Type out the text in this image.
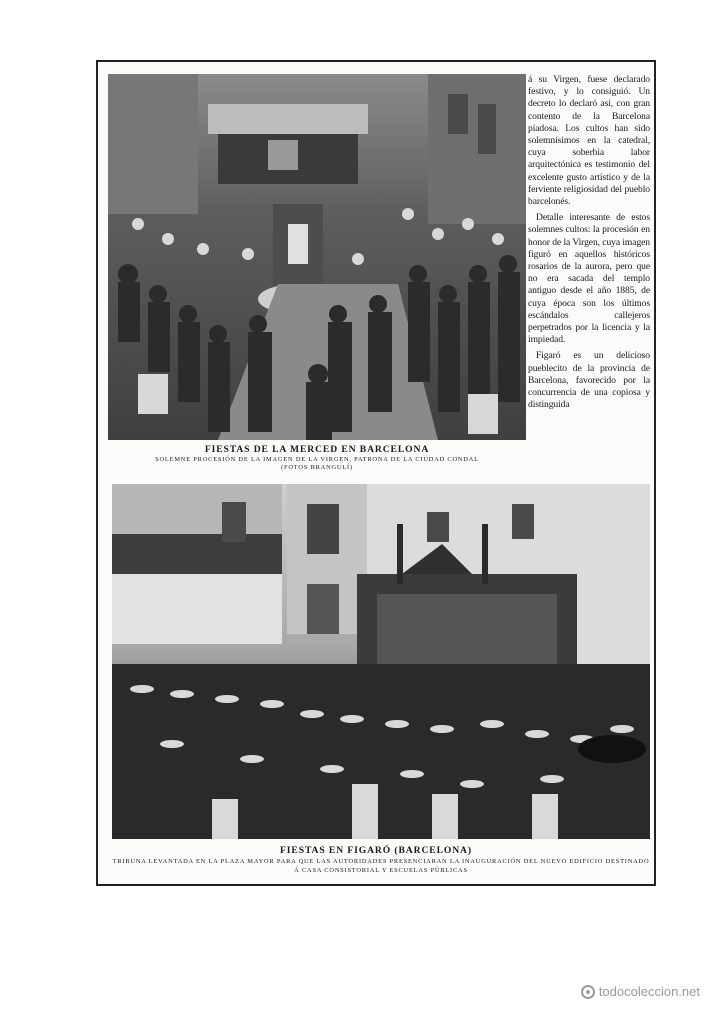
FIESTAS DE LA MERCED EN BARCELONA
SOLEMNE PROCESIÓN DE LA IMAGEN DE LA VIRGEN, PATRONA DE LA CIUDAD CONDAL
(FOTOS BRANGULÍ)

á su Virgen, fuese declarado festivo, y lo consiguió. Un decreto lo declaró así, con gran contento de la Barcelona piadosa. Los cultos han sido solemnísimos en la catedral, cuya soberbia labor arquitectónica es testimonio del excelente gusto artístico y de la ferviente religiosidad del pueblo barcelonés.

Detalle interesante de estos solemnes cultos: la procesión en honor de la Virgen, cuya imagen figuró en aquellos históricos rosarios de la aurora, pero que no era sacada del templo antiguo desde el año 1885, de cuya época son los últimos escándalos callejeros perpetrados por la licencia y la impiedad.

Figaró es un delicioso pueblecito de la provincia de Barcelona, favorecido por la concurrencia de una copiosa y distinguida

FIESTAS EN FIGARÓ (BARCELONA)
TRIBUNA LEVANTADA EN LA PLAZA MAYOR PARA QUE LAS AUTORIDADES PRESENCIARAN LA INAUGURACIÓN DEL NUEVO EDIFICIO DESTINADO Á CASA CONSISTORIAL Y ESCUELAS PÚBLICAS
todocoleccion.net
